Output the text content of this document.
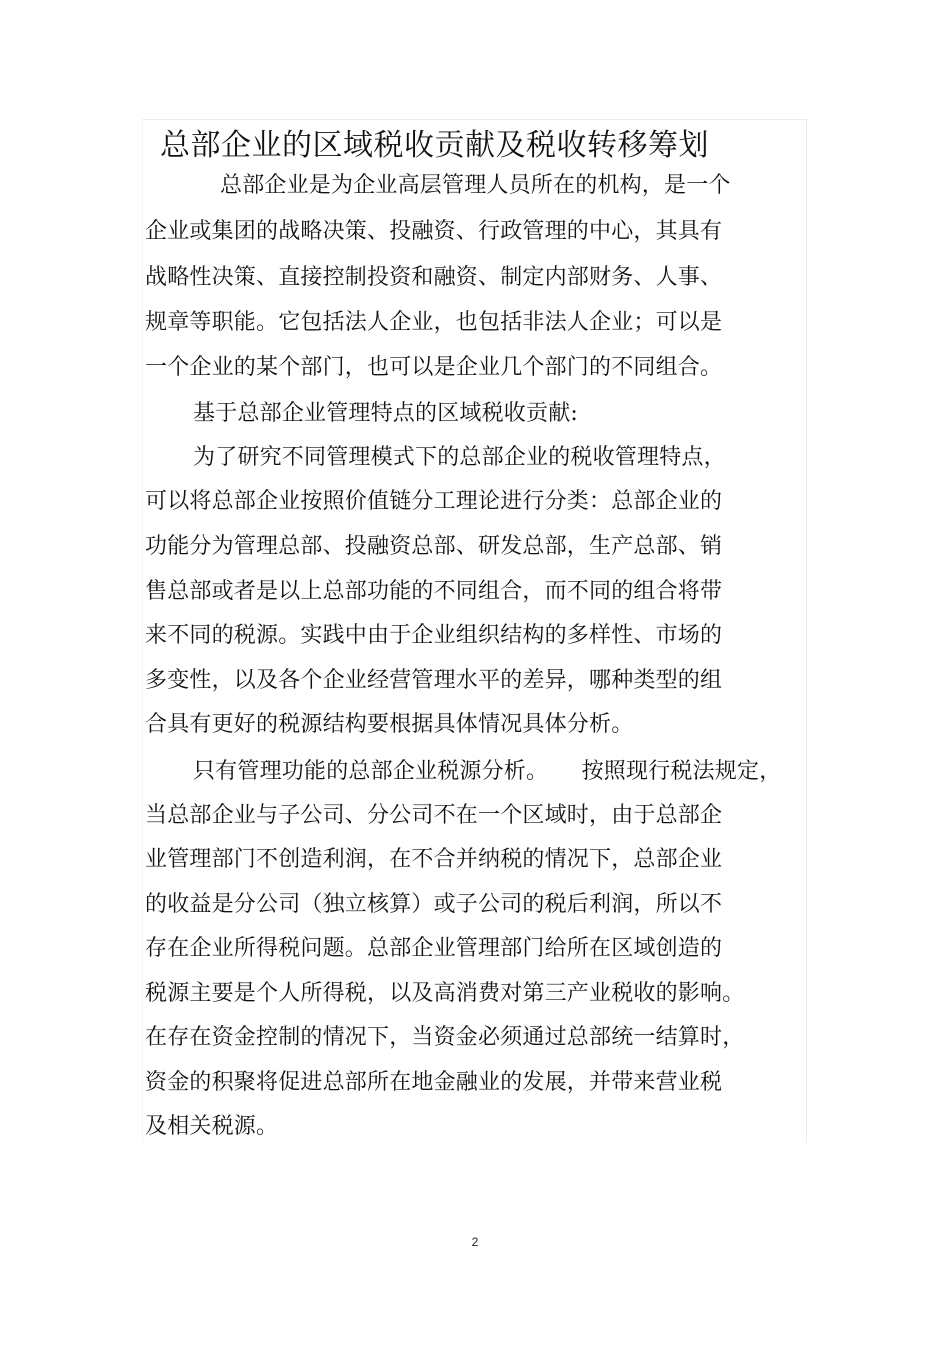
总部企业的区域税收贡献及税收转移筹划
总部企业是为企业高层管理人员所在的机构，是一个
企业或集团的战略决策、投融资、行政管理的中心，其具有
战略性决策、直接控制投资和融资、制定内部财务、人事、
规章等职能。它包括法人企业，也包括非法人企业；可以是
一个企业的某个部门，也可以是企业几个部门的不同组合。
基于总部企业管理特点的区域税收贡献:
为了研究不同管理模式下的总部企业的税收管理特点，
可以将总部企业按照价值链分工理论进行分类：总部企业的
功能分为管理总部、投融资总部、研发总部，生产总部、销
售总部或者是以上总部功能的不同组合，而不同的组合将带
来不同的税源。实践中由于企业组织结构的多样性、市场的
多变性，以及各个企业经营管理水平的差异，哪种类型的组
合具有更好的税源结构要根据具体情况具体分析。
只有管理功能的总部企业税源分析。　　按照现行税法规定，
当总部企业与子公司、分公司不在一个区域时，由于总部企
业管理部门不创造利润，在不合并纳税的情况下，总部企业
的收益是分公司（独立核算）或子公司的税后利润，所以不
存在企业所得税问题。总部企业管理部门给所在区域创造的
税源主要是个人所得税，以及高消费对第三产业税收的影响。
在存在资金控制的情况下，当资金必须通过总部统一结算时，
资金的积聚将促进总部所在地金融业的发展，并带来营业税
及相关税源。
2
